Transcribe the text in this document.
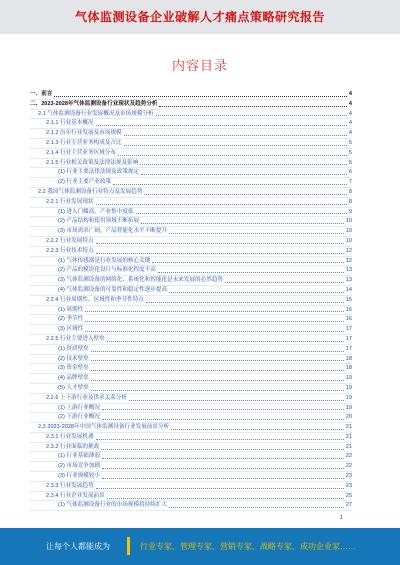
气体监测设备企业破解人才痛点策略研究报告
内容目录
一、前言	4
二、2023-2028年气体监测设备行业现状及趋势分析	4
2.1 气体监测设备行业发展概况及市场规模分析	4
2.1.1 行业基本概况	4
2.1.2 历年行业发展及市场规模	4
2.1.3 行业主营业务构成及占比	5
2.1.4 行业主营业务区域分布	5
2.1.5 行业相关政策及法律法规及影响	5
(1) 行业主要法律法规及政策规定	6
(2) 行业主要产业政策	7
2.2 我国气体监测设备行业特点及发展趋势	8
2.2.1 行业发展现状	8
(1) 进入门槛高，产业集中度低	9
(2) 产品结构和使用领域不断拓展	10
(3) 市场需求广阔，产品智能化水平不断提升	10
2.2.2 行业发展特点	10
2.2.3 行业技术特点	12
(1) 气体传感器是行业发展的核心关键	12
(2) 产品的模块化设计与标准化程度不高	13
(3) 气体监测设备的网络化、系统化和智能化是未来发展的必然趋势	13
(4) 气体监测设备的可靠性和稳定性逐步提高	14
2.2.4 行业周期性、区域性和季节性特点	15
(1) 周期性	16
(2) 季节性	16
(3) 区域性	17
2.2.5 行业主要进入壁垒	17
(1) 资质壁垒	17
(2) 技术壁垒	18
(3) 资金壁垒	18
(4) 品牌壁垒	19
(5) 人才壁垒	19
2.2.6 上下游行业及供求关系分析	19
(1) 上游行业概况	19
(2) 下游行业概况	20
2.3 2023-2028年中国气体监测设备行业发展前景分析	21
2.3.1 行业发展机遇	21
2.3.2 行业面临的挑战	21
(1) 行业基础薄弱	22
(2) 市场竞争加剧	22
(3) 行业规模较小	23
2.3.3 行业发展趋势	23
2.3.4 行业企业发展前景	25
(1) 气体监测设备行业的市场规模将持续扩大	27
1
让每个人都能成为	行业专家、管理专家、营销专家、战略专家、成功企业家……
